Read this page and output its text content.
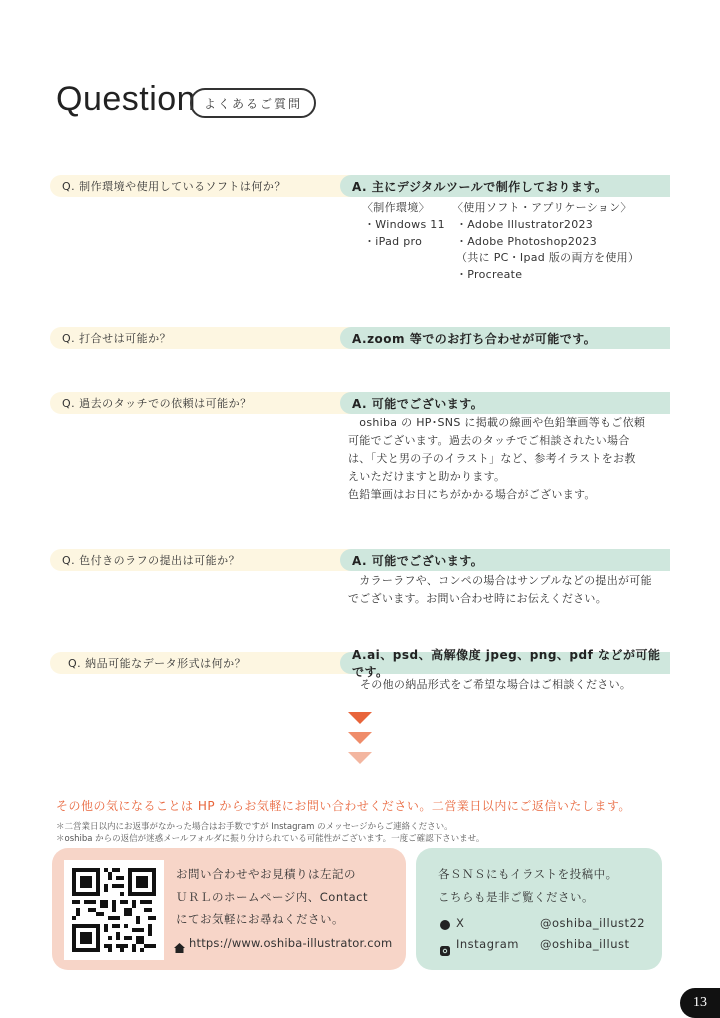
Question よくあるご質問
Q. 制作環境や使用しているソフトは何か？	A. 主にデジタルツールで制作しております。
〈制作環境〉
・Windows 11
・iPad pro
〈使用ソフト・アプリケーション〉
・Adobe Illustrator2023
・Adobe Photoshop2023
（共に PC・Ipad 版の両方を使用）
・Procreate
Q. 打合せは可能か？	A.zoom 等でのお打ち合わせが可能です。
Q. 過去のタッチでの依頼は可能か？	A. 可能でございます。
　oshiba の HP･SNS に掲載の線画や色鉛筆画等もご依頼
可能でございます。過去のタッチでご相談されたい場合
は、「犬と男の子のイラスト」など、参考イラストをお教
えいただけますと助かります。
色鉛筆画はお日にちがかかる場合がございます。
Q. 色付きのラフの提出は可能か？	A. 可能でございます。
　カラーラフや、コンペの場合はサンプルなどの提出が可能
でございます。お問い合わせ時にお伝えください。
Q. 納品可能なデータ形式は何か？
A.ai、psd、高解像度 jpeg、png、pdf などが可能です。
その他の納品形式をご希望な場合はご相談ください。
その他の気になることは HP からお気軽にお問い合わせください。二営業日以内にご返信いたします。
＊二営業日以内にお返事がなかった場合はお手数ですが Instagram のメッセージからご連絡ください。
＊oshiba からの返信が迷惑メールフォルダに振り分けられている可能性がございます。一度ご確認下さいませ。
お問い合わせやお見積りは左記の
ＵＲＬのホームページ内、Contact
にてお気軽にお尋ねください。
https://www.oshiba-illustrator.com
各ＳＮＳにもイラストを投稿中。
こちらも是非ご覧ください。
X	@oshiba_illust22
Instagram @oshiba_illust
13
